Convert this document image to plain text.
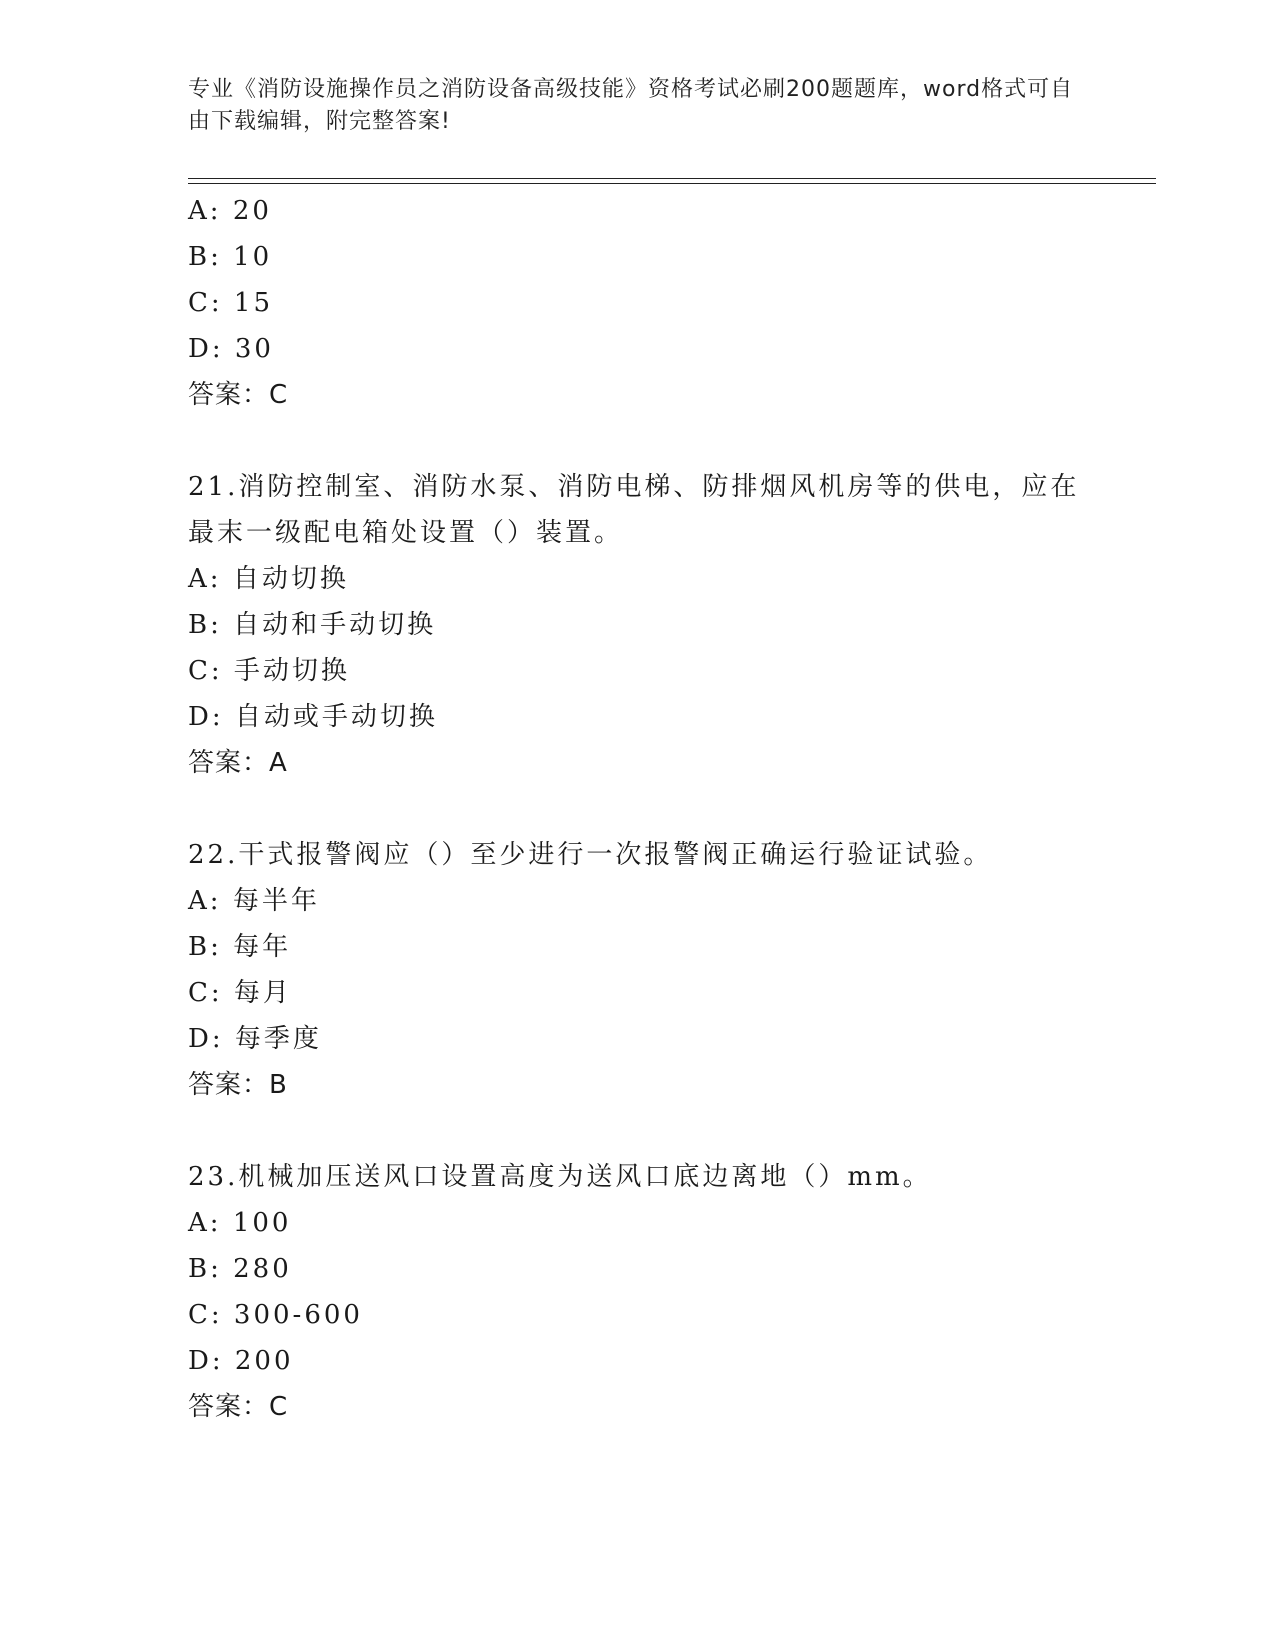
专业《消防设施操作员之消防设备高级技能》资格考试必刷200题题库，word格式可自由下载编辑，附完整答案!
A: 20
B: 10
C: 15
D: 30
答案：C
21.消防控制室、消防水泵、消防电梯、防排烟风机房等的供电，应在最末一级配电箱处设置（）装置。
A: 自动切换
B: 自动和手动切换
C: 手动切换
D: 自动或手动切换
答案：A
22.干式报警阀应（）至少进行一次报警阀正确运行验证试验。
A: 每半年
B: 每年
C: 每月
D: 每季度
答案：B
23.机械加压送风口设置高度为送风口底边离地（）mm。
A: 100
B: 280
C: 300-600
D: 200
答案：C
